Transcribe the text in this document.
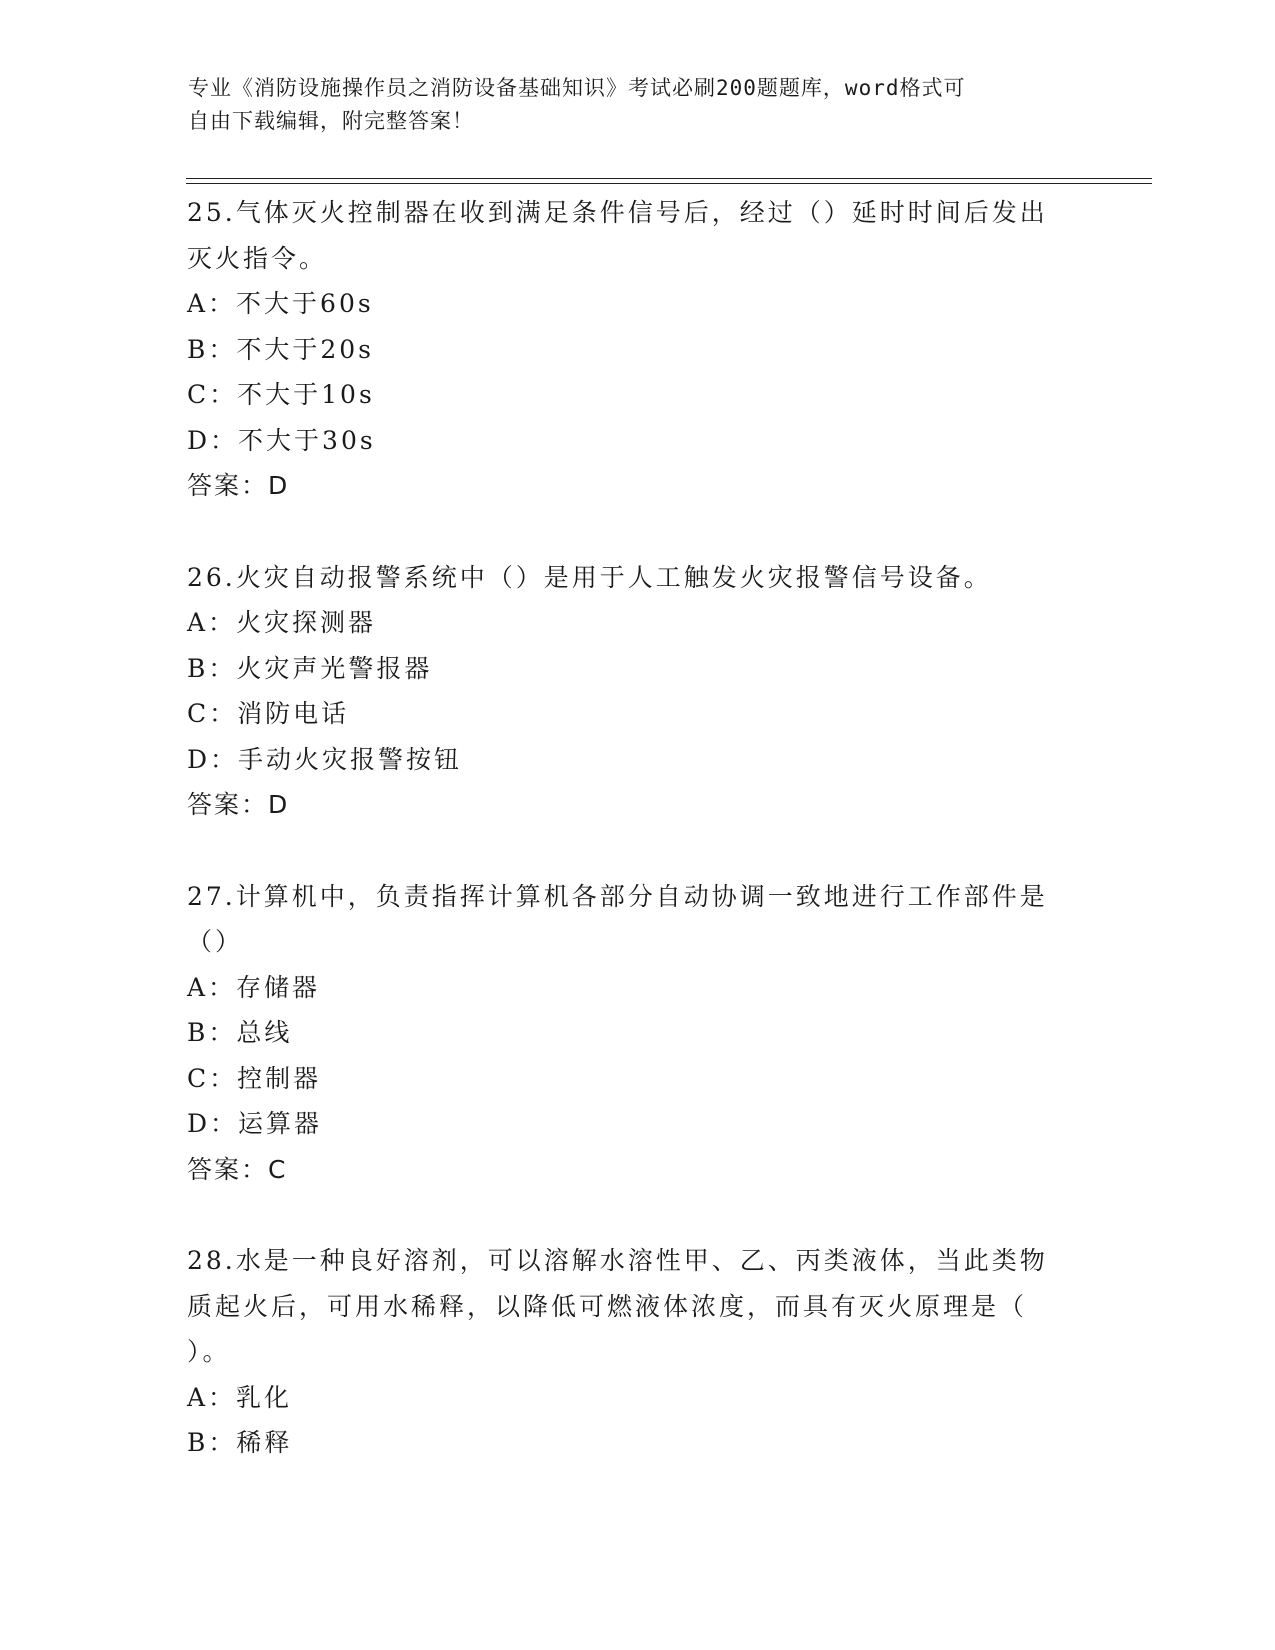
专业《消防设施操作员之消防设备基础知识》考试必刷200题题库，word格式可
自由下载编辑，附完整答案！
25.气体灭火控制器在收到满足条件信号后，经过（）延时时间后发出
灭火指令。
A：不大于60s
B：不大于20s
C：不大于10s
D：不大于30s
答案：D
26.火灾自动报警系统中（）是用于人工触发火灾报警信号设备。
A：火灾探测器
B：火灾声光警报器
C：消防电话
D：手动火灾报警按钮
答案：D
27.计算机中，负责指挥计算机各部分自动协调一致地进行工作部件是
（）
A：存储器
B：总线
C：控制器
D：运算器
答案：C
28.水是一种良好溶剂，可以溶解水溶性甲、乙、丙类液体，当此类物
质起火后，可用水稀释，以降低可燃液体浓度，而具有灭火原理是（
）。
A：乳化
B：稀释
